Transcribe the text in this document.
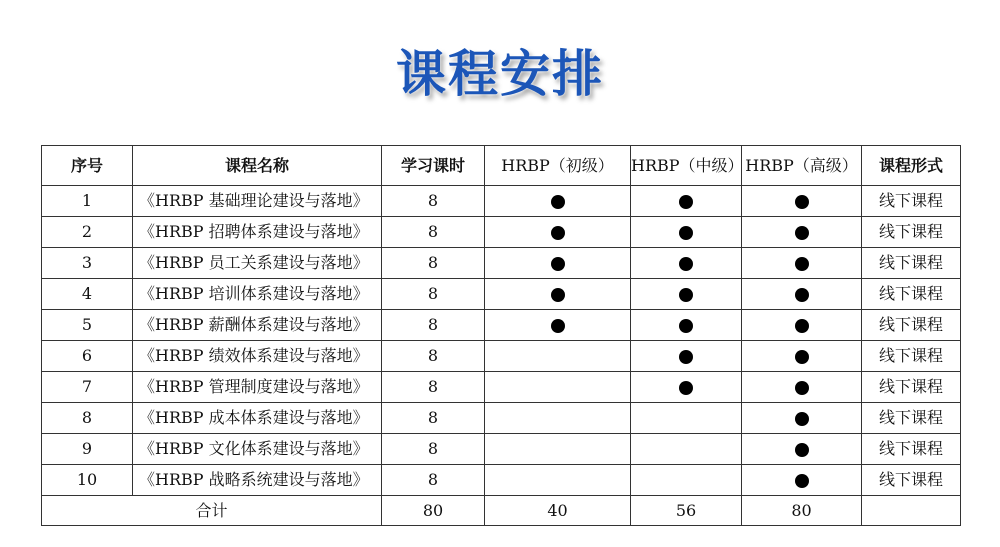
课程安排
序号	课程名称	学习课时	HRBP（初级）	HRBP（中级）	HRBP（高级）	课程形式
1	《HRBP 基础理论建设与落地》	8				线下课程
2	《HRBP 招聘体系建设与落地》	8				线下课程
3	《HRBP 员工关系建设与落地》	8				线下课程
4	《HRBP 培训体系建设与落地》	8				线下课程
5	《HRBP 薪酬体系建设与落地》	8				线下课程
6	《HRBP 绩效体系建设与落地》	8				线下课程
7	《HRBP 管理制度建设与落地》	8				线下课程
8	《HRBP 成本体系建设与落地》	8				线下课程
9	《HRBP 文化体系建设与落地》	8				线下课程
10	《HRBP 战略系统建设与落地》	8				线下课程
合计		80	40	56	80	
